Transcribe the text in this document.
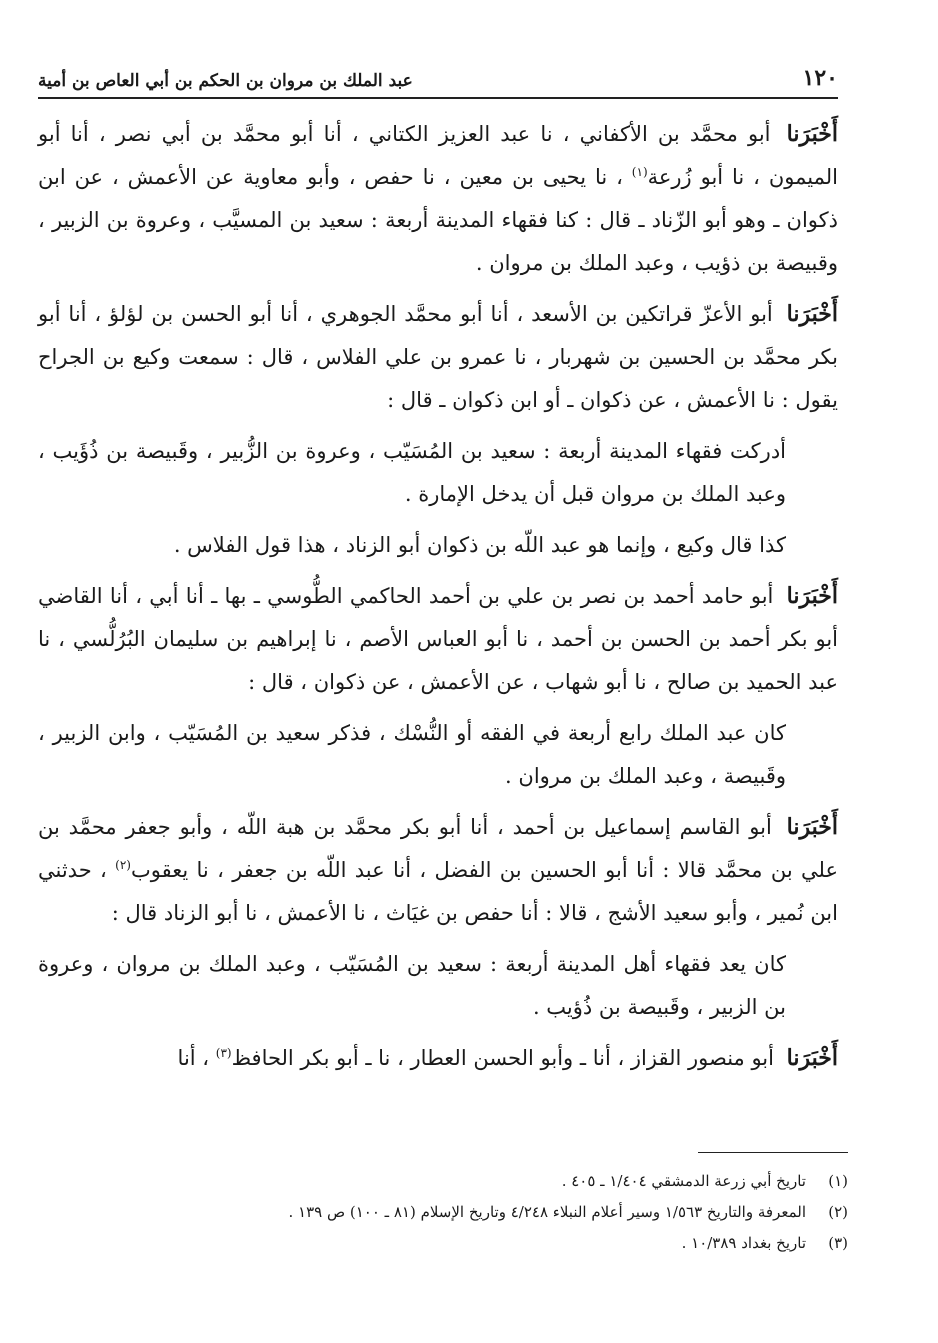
١٢٠
عبد الملك بن مروان بن الحكم بن أبي العاص بن أمية

أَخْبَرَنا أبو محمَّد بن الأكفاني ، نا عبد العزيز الكتاني ، أنا أبو محمَّد بن أبي نصر ، أنا أبو الميمون ، نا أبو زُرعة$^{(١)}$ ، نا يحيى بن معين ، نا حفص ، وأبو معاوية عن الأعمش ، عن ابن ذكوان ـ وهو أبو الزّناد ـ قال : كنا فقهاء المدينة أربعة : سعيد بن المسيَّب ، وعروة بن الزبير ، وقبيصة بن ذؤيب ، وعبد الملك بن مروان .

أَخْبَرَنا أبو الأعزّ قراتكين بن الأسعد ، أنا أبو محمَّد الجوهري ، أنا أبو الحسن بن لؤلؤ ، أنا أبو بكر محمَّد بن الحسين بن شهربار ، نا عمرو بن علي الفلاس ، قال : سمعت وكيع بن الجراح يقول : نا الأعمش ، عن ذكوان ـ أو ابن ذكوان ـ قال :

أدركت فقهاء المدينة أربعة : سعيد بن المُسَيّب ، وعروة بن الزُّبير ، وقَبيصة بن ذُؤَيب ، وعبد الملك بن مروان قبل أن يدخل الإمارة .

كذا قال وكيع ، وإنما هو عبد اللّه بن ذكوان أبو الزناد ، هذا قول الفلاس .

أَخْبَرَنا أبو حامد أحمد بن نصر بن علي بن أحمد الحاكمي الطُّوسي ـ بها ـ أنا أبي ، أنا القاضي أبو بكر أحمد بن الحسن بن أحمد ، نا أبو العباس الأصم ، نا إبراهيم بن سليمان البُرُلُّسي ، نا عبد الحميد بن صالح ، نا أبو شهاب ، عن الأعمش ، عن ذكوان ، قال :

كان عبد الملك رابع أربعة في الفقه أو النُّسْك ، فذكر سعيد بن المُسَيّب ، وابن الزبير ، وقَبيصة ، وعبد الملك بن مروان .

أَخْبَرَنا أبو القاسم إسماعيل بن أحمد ، أنا أبو بكر محمَّد بن هبة اللّه ، وأبو جعفر محمَّد بن علي بن محمَّد قالا : أنا أبو الحسين بن الفضل ، أنا عبد اللّه بن جعفر ، نا يعقوب$^{(٢)}$ ، حدثني ابن نُمير ، وأبو سعيد الأشج ، قالا : أنا حفص بن غيَاث ، نا الأعمش ، نا أبو الزناد قال :

كان يعد فقهاء أهل المدينة أربعة : سعيد بن المُسَيّب ، وعبد الملك بن مروان ، وعروة بن الزبير ، وقَبيصة بن ذُؤيب .

أَخْبَرَنا أبو منصور القزاز ، أنا ـ وأبو الحسن العطار ، نا ـ أبو بكر الحافظ$^{(٣)}$ ، أنا

(١)
تاريخ أبي زرعة الدمشقي ١/٤٠٤ ـ ٤٠٥ .
(٢)
المعرفة والتاريخ ١/٥٦٣ وسير أعلام النبلاء ٤/٢٤٨ وتاريخ الإسلام (٨١ ـ ١٠٠) ص ١٣٩ .
(٣)
تاريخ بغداد ١٠/٣٨٩ .
